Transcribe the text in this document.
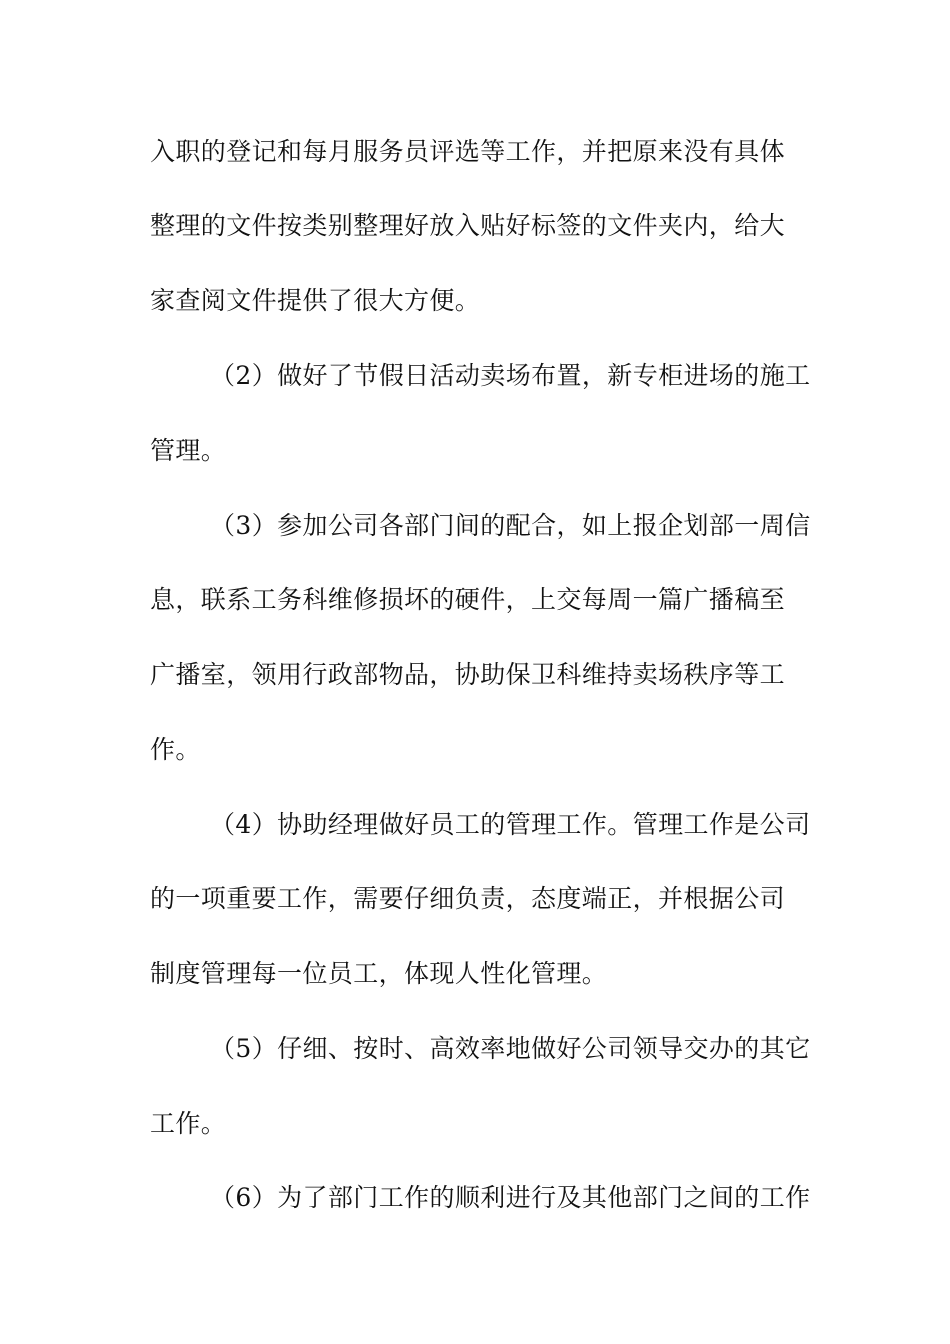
入职的登记和每月服务员评选等工作，并把原来没有具体
整理的文件按类别整理好放入贴好标签的文件夹内，给大
家查阅文件提供了很大方便。
（2）做好了节假日活动卖场布置，新专柜进场的施工
管理。
（3）参加公司各部门间的配合，如上报企划部一周信
息，联系工务科维修损坏的硬件，上交每周一篇广播稿至
广播室，领用行政部物品，协助保卫科维持卖场秩序等工
作。
（4）协助经理做好员工的管理工作。管理工作是公司
的一项重要工作，需要仔细负责，态度端正，并根据公司
制度管理每一位员工，体现人性化管理。
（5）仔细、按时、高效率地做好公司领导交办的其它
工作。
（6）为了部门工作的顺利进行及其他部门之间的工作
